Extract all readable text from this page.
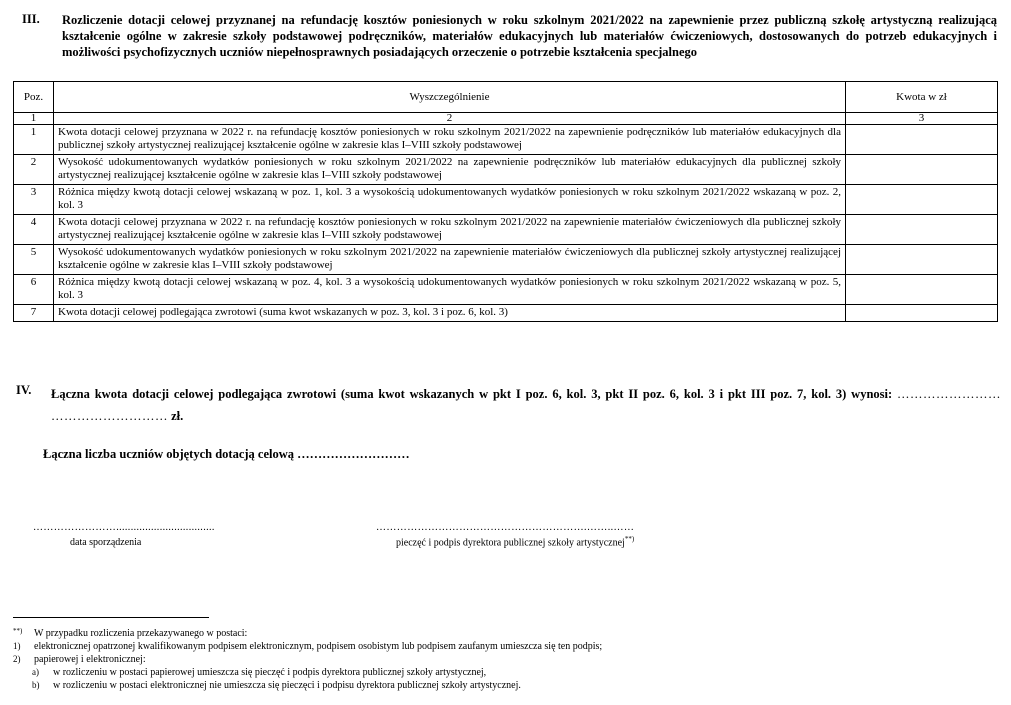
III. Rozliczenie dotacji celowej przyznanej na refundację kosztów poniesionych w roku szkolnym 2021/2022 na zapewnienie przez publiczną szkołę artystyczną realizującą kształcenie ogólne w zakresie szkoły podstawowej podręczników, materiałów edukacyjnych lub materiałów ćwiczeniowych, dostosowanych do potrzeb edukacyjnych i możliwości psychofizycznych uczniów niepełnosprawnych posiadających orzeczenie o potrzebie kształcenia specjalnego
Poz.	Wyszczególnienie	Kwota w zł
1	2	3
1	Kwota dotacji celowej przyznana w 2022 r. na refundację kosztów poniesionych w roku szkolnym 2021/2022 na zapewnienie podręczników lub materiałów edukacyjnych dla publicznej szkoły artystycznej realizującej kształcenie ogólne w zakresie klas I–VIII szkoły podstawowej	
2	Wysokość udokumentowanych wydatków poniesionych w roku szkolnym 2021/2022 na zapewnienie podręczników lub materiałów edukacyjnych dla publicznej szkoły artystycznej realizującej kształcenie ogólne w zakresie klas I–VIII szkoły podstawowej	
3	Różnica między kwotą dotacji celowej wskazaną w poz. 1, kol. 3 a wysokością udokumentowanych wydatków poniesionych w roku szkolnym 2021/2022 wskazaną w poz. 2, kol. 3	
4	Kwota dotacji celowej przyznana w 2022 r. na refundację kosztów poniesionych w roku szkolnym 2021/2022 na zapewnienie materiałów ćwiczeniowych dla publicznej szkoły artystycznej realizującej kształcenie ogólne w zakresie klas I–VIII szkoły podstawowej	
5	Wysokość udokumentowanych wydatków poniesionych w roku szkolnym 2021/2022 na zapewnienie materiałów ćwiczeniowych dla publicznej szkoły artystycznej realizującej kształcenie ogólne w zakresie klas I–VIII szkoły podstawowej	
6	Różnica między kwotą dotacji celowej wskazaną w poz. 4, kol. 3 a wysokością udokumentowanych wydatków poniesionych w roku szkolnym 2021/2022 wskazaną w poz. 5, kol. 3	
7	Kwota dotacji celowej podlegająca zwrotowi (suma kwot wskazanych w poz. 3, kol. 3 i poz. 6, kol. 3)	
IV. Łączna kwota dotacji celowej podlegająca zwrotowi (suma kwot wskazanych w pkt I poz. 6, kol. 3, pkt II poz. 6, kol. 3 i pkt III poz. 7, kol. 3) wynosi: …………………… ……………………… zł.
Łączna liczba uczniów objętych dotacją celową ………………………
……………………..................................
data sporządzenia
…………………………………………………….……..……
pieczęć i podpis dyrektora publicznej szkoły artystycznej**)
**) W przypadku rozliczenia przekazywanego w postaci:
1) elektronicznej opatrzonej kwalifikowanym podpisem elektronicznym, podpisem osobistym lub podpisem zaufanym umieszcza się ten podpis;
2) papierowej i elektronicznej:
a) w rozliczeniu w postaci papierowej umieszcza się pieczęć i podpis dyrektora publicznej szkoły artystycznej,
b) w rozliczeniu w postaci elektronicznej nie umieszcza się pieczęci i podpisu dyrektora publicznej szkoły artystycznej.
